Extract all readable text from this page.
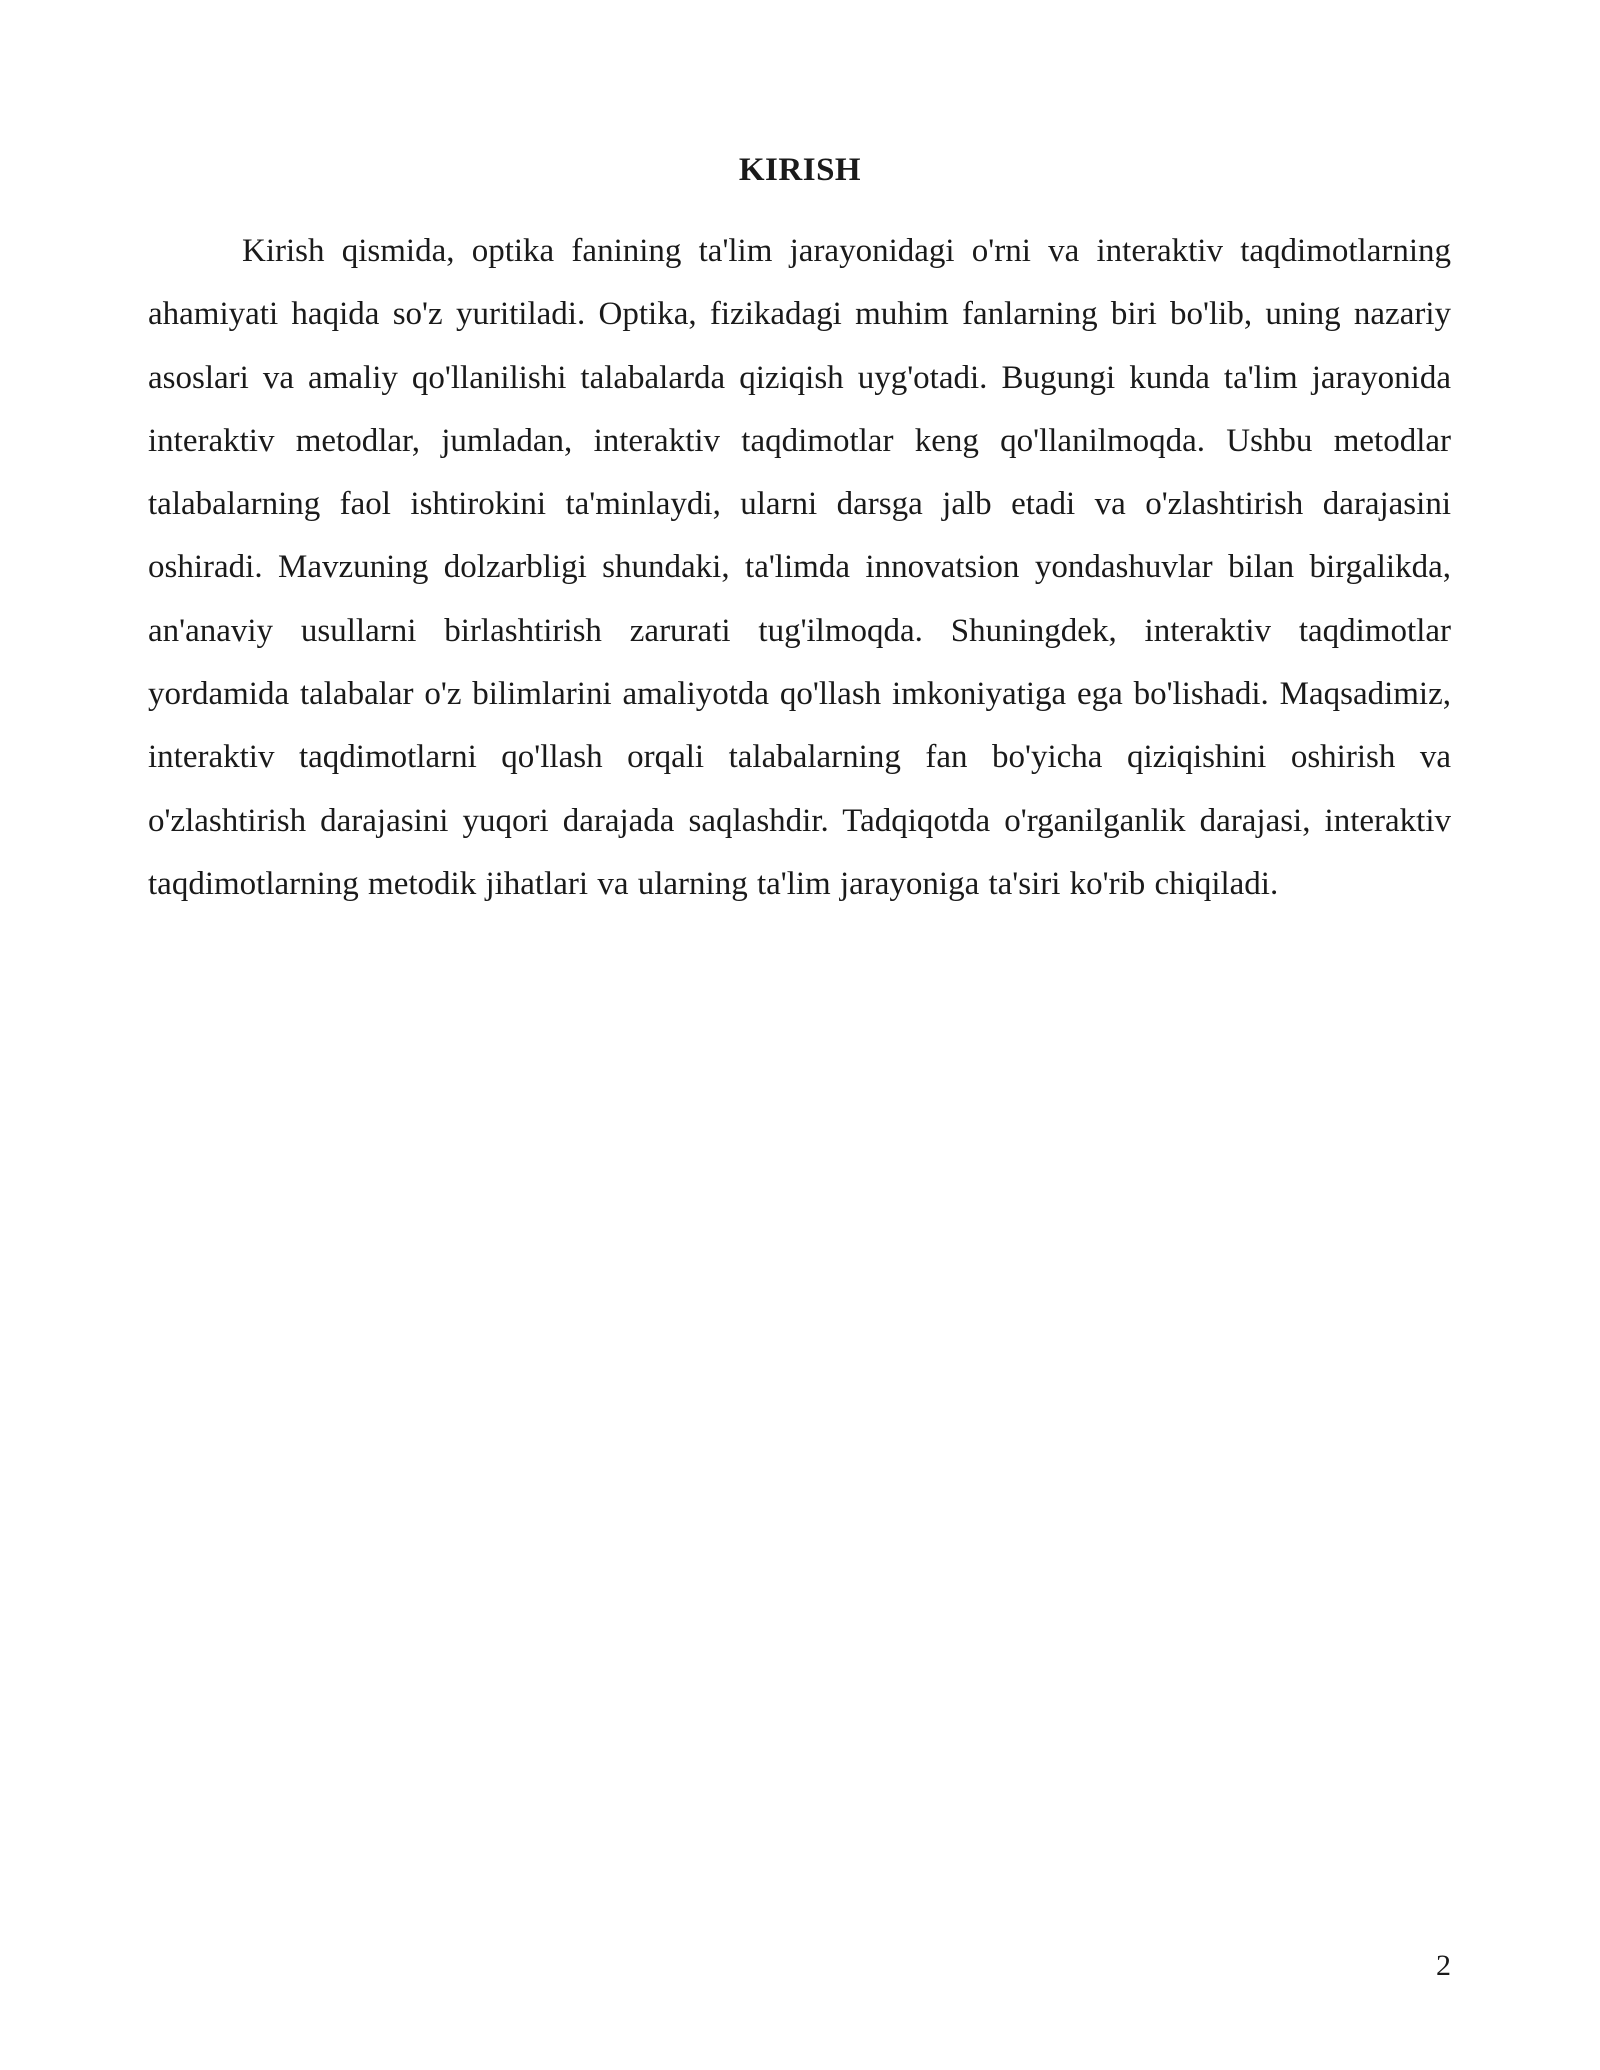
KIRISH

Kirish qismida, optika fanining ta'lim jarayonidagi o'rni va interaktiv taqdimotlarning ahamiyati haqida so'z yuritiladi. Optika, fizikadagi muhim fanlarning biri bo'lib, uning nazariy asoslari va amaliy qo'llanilishi talabalarda qiziqish uyg'otadi. Bugungi kunda ta'lim jarayonida interaktiv metodlar, jumladan, interaktiv taqdimotlar keng qo'llanilmoqda. Ushbu metodlar talabalarning faol ishtirokini ta'minlaydi, ularni darsga jalb etadi va o'zlashtirish darajasini oshiradi. Mavzuning dolzarbligi shundaki, ta'limda innovatsion yondashuvlar bilan birgalikda, an'anaviy usullarni birlashtirish zarurati tug'ilmoqda. Shuningdek, interaktiv taqdimotlar yordamida talabalar o'z bilimlarini amaliyotda qo'llash imkoniyatiga ega bo'lishadi. Maqsadimiz, interaktiv taqdimotlarni qo'llash orqali talabalarning fan bo'yicha qiziqishini oshirish va o'zlashtirish darajasini yuqori darajada saqlashdir. Tadqiqotda o'rganilganlik darajasi, interaktiv taqdimotlarning metodik jihatlari va ularning ta'lim jarayoniga ta'siri ko'rib chiqiladi.

2
